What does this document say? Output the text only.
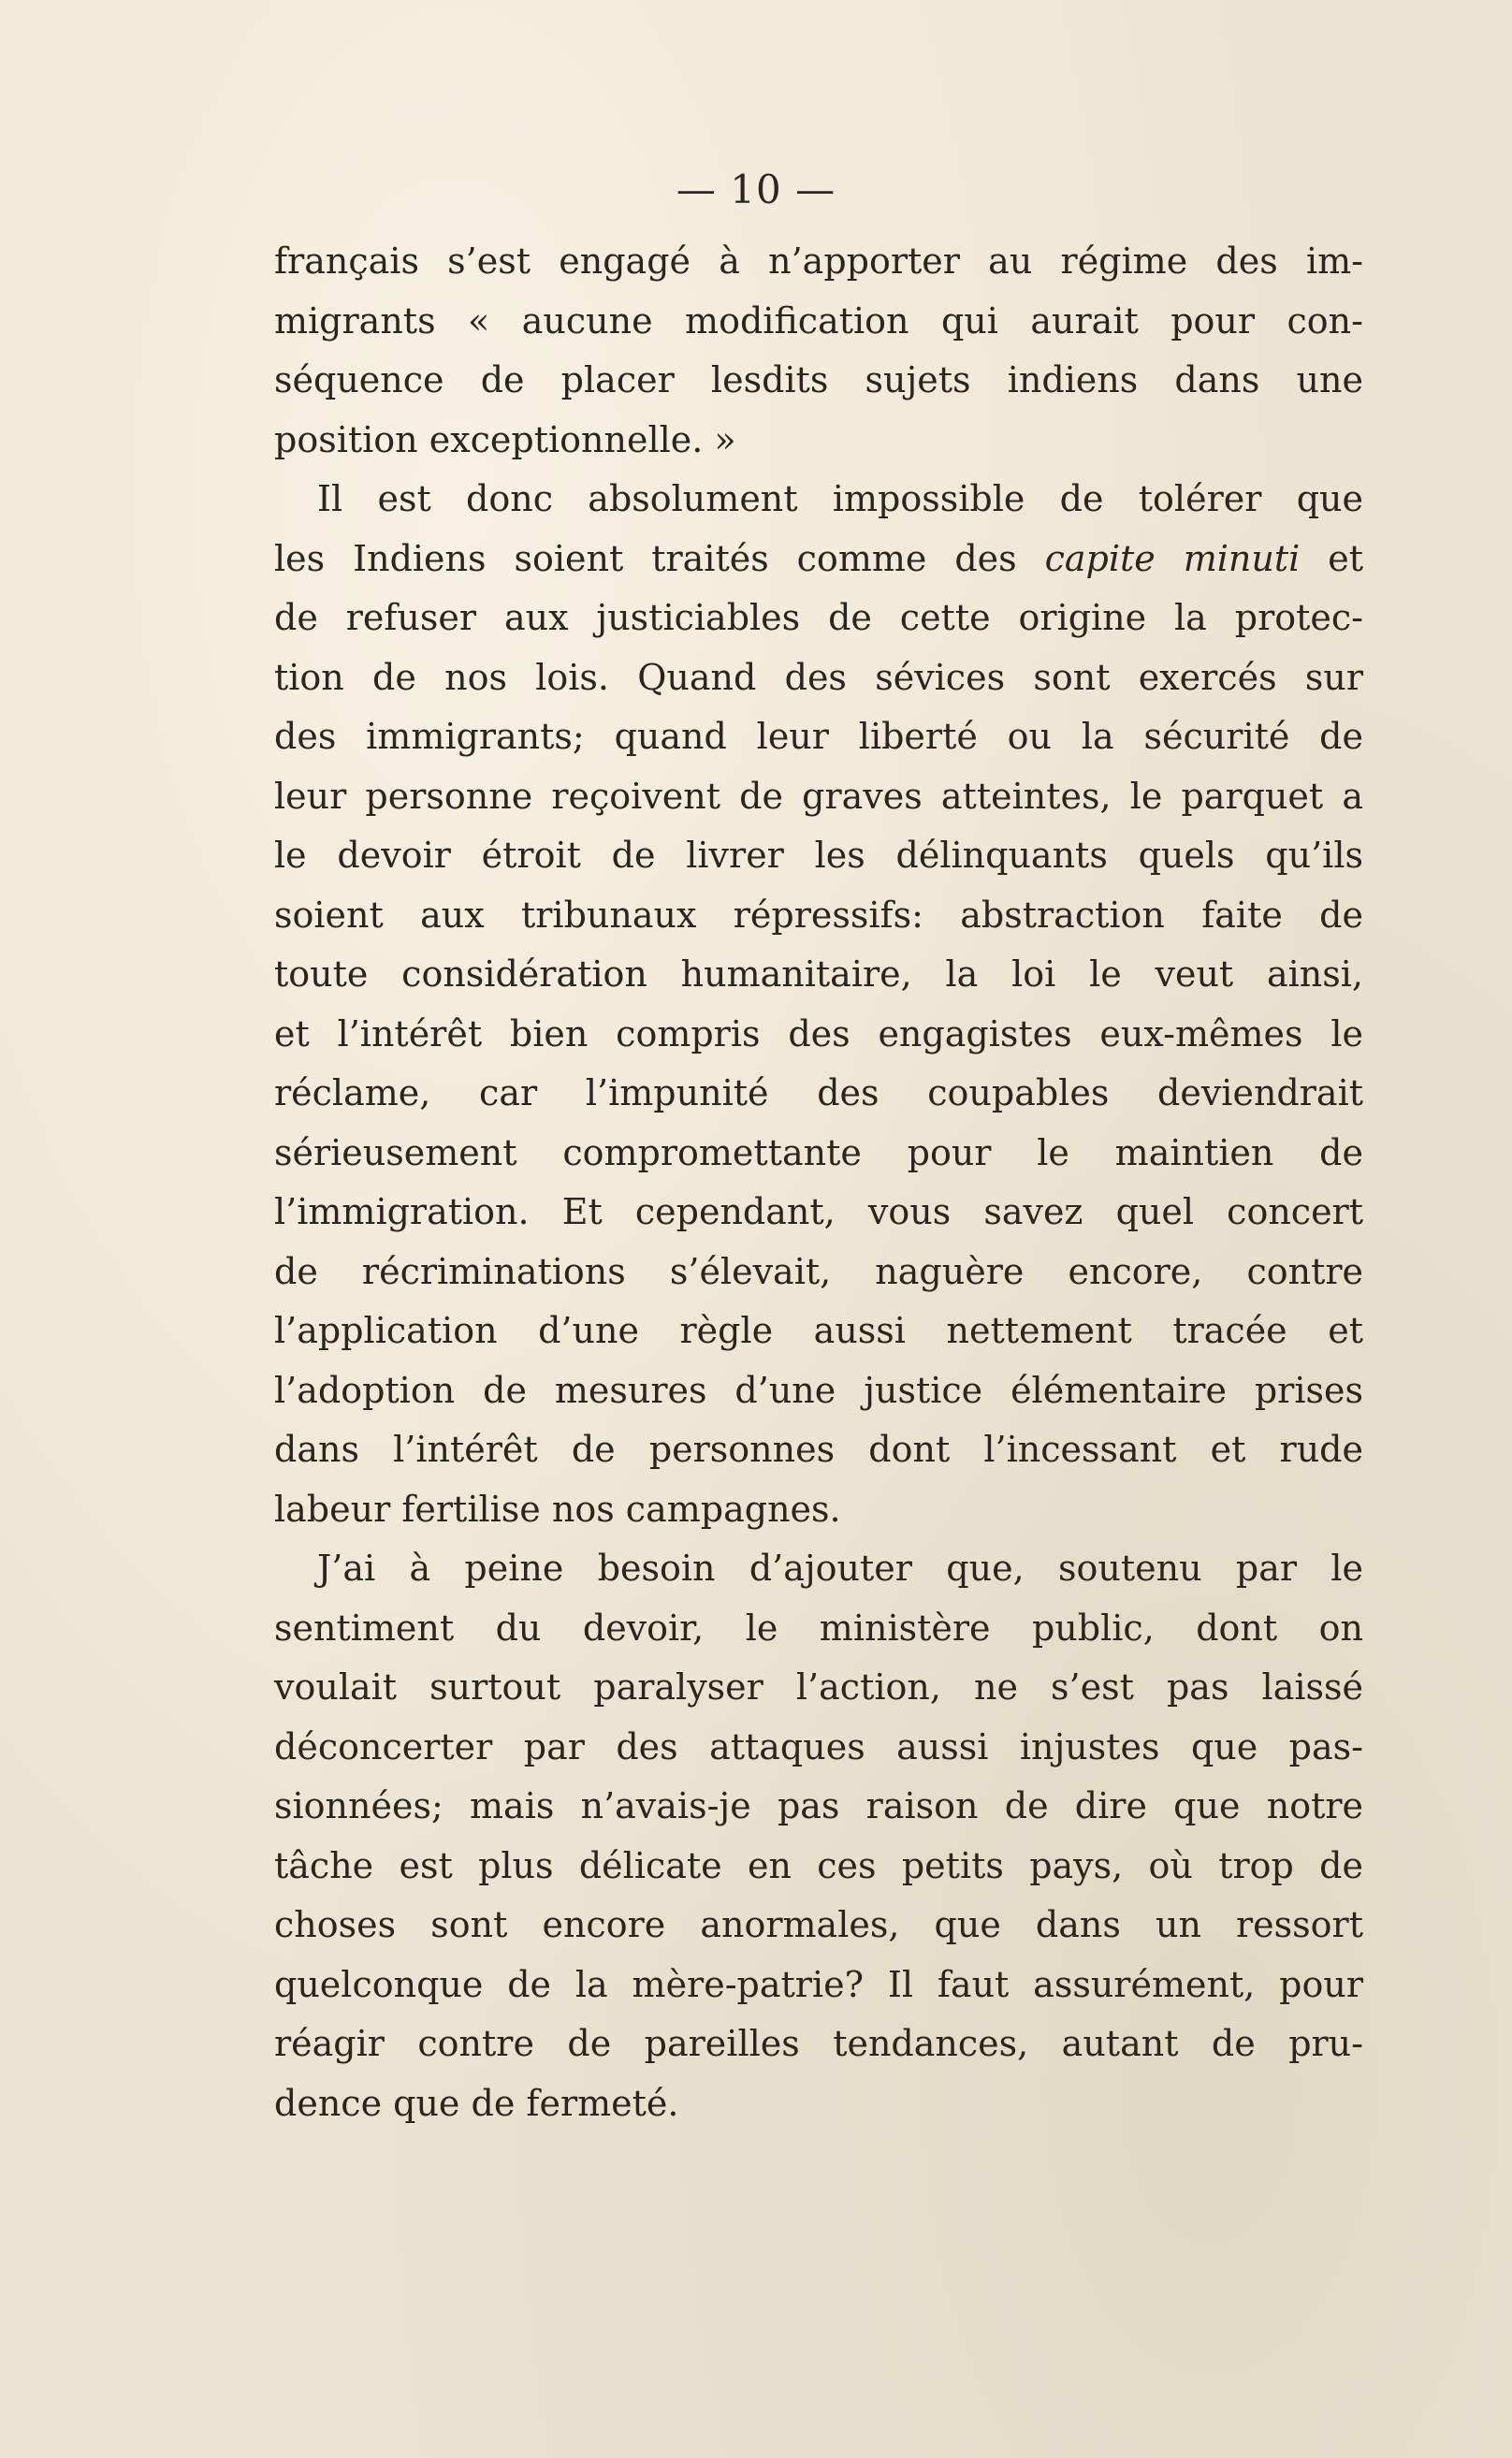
— 10 —
français s’est engagé à n’apporter au régime des im-
migrants « aucune modification qui aurait pour con-
séquence de placer lesdits sujets indiens dans une
position exceptionnelle. »
Il est donc absolument impossible de tolérer que
les Indiens soient traités comme des capite minuti et
de refuser aux justiciables de cette origine la protec-
tion de nos lois. Quand des sévices sont exercés sur
des immigrants; quand leur liberté ou la sécurité de
leur personne reçoivent de graves atteintes, le parquet a
le devoir étroit de livrer les délinquants quels qu’ils
soient aux tribunaux répressifs: abstraction faite de
toute considération humanitaire, la loi le veut ainsi,
et l’intérêt bien compris des engagistes eux-mêmes le
réclame, car l’impunité des coupables deviendrait
sérieusement compromettante pour le maintien de
l’immigration. Et cependant, vous savez quel concert
de récriminations s’élevait, naguère encore, contre
l’application d’une règle aussi nettement tracée et
l’adoption de mesures d’une justice élémentaire prises
dans l’intérêt de personnes dont l’incessant et rude
labeur fertilise nos campagnes.
J’ai à peine besoin d’ajouter que, soutenu par le
sentiment du devoir, le ministère public, dont on
voulait surtout paralyser l’action, ne s’est pas laissé
déconcerter par des attaques aussi injustes que pas-
sionnées; mais n’avais-je pas raison de dire que notre
tâche est plus délicate en ces petits pays, où trop de
choses sont encore anormales, que dans un ressort
quelconque de la mère-patrie? Il faut assurément, pour
réagir contre de pareilles tendances, autant de pru-
dence que de fermeté.
